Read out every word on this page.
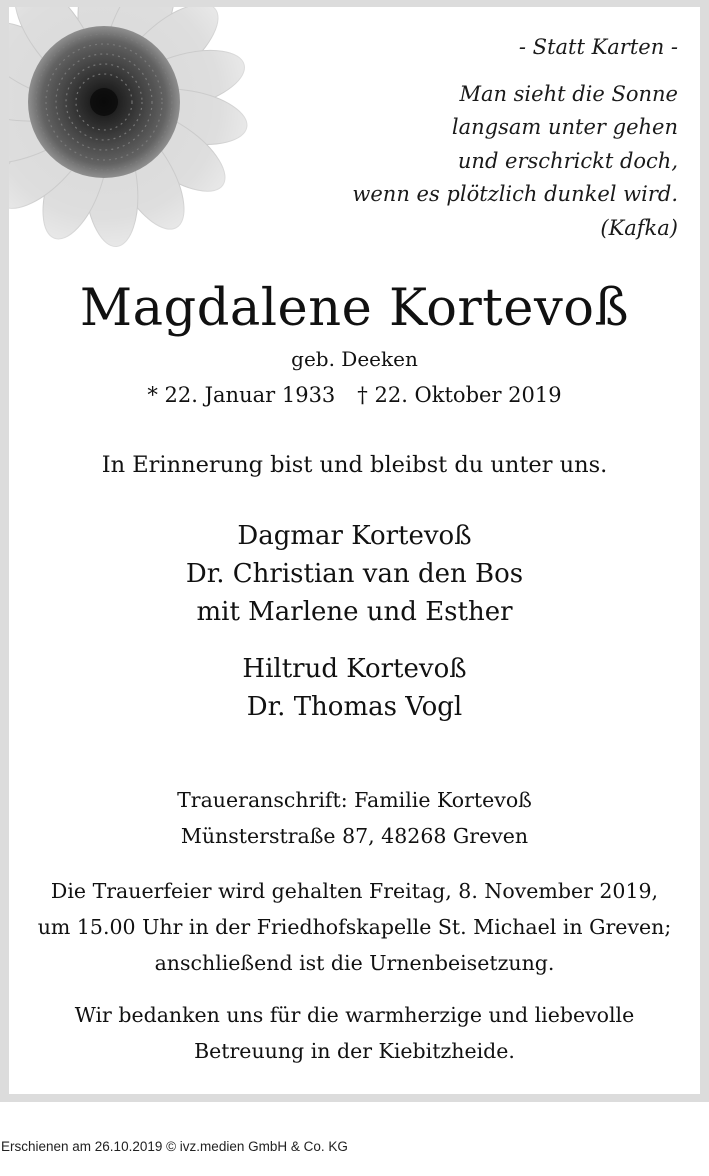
- Statt Karten -
Man sieht die Sonne
langsam unter gehen
und erschrickt doch,
wenn es plötzlich dunkel wird.
(Kafka)
Magdalene Kortevoß
geb. Deeken
* 22. Januar 1933 † 22. Oktober 2019
In Erinnerung bist und bleibst du unter uns.
Dagmar Kortevoß
Dr. Christian van den Bos
mit Marlene und Esther
Hiltrud Kortevoß
Dr. Thomas Vogl
Traueranschrift: Familie Kortevoß
Münsterstraße 87, 48268 Greven
Die Trauerfeier wird gehalten Freitag, 8. November 2019,
um 15.00 Uhr in der Friedhofskapelle St. Michael in Greven;
anschließend ist die Urnenbeisetzung.
Wir bedanken uns für die warmherzige und liebevolle
Betreuung in der Kiebitzheide.
Erschienen am 26.10.2019 © ivz.medien GmbH & Co. KG
